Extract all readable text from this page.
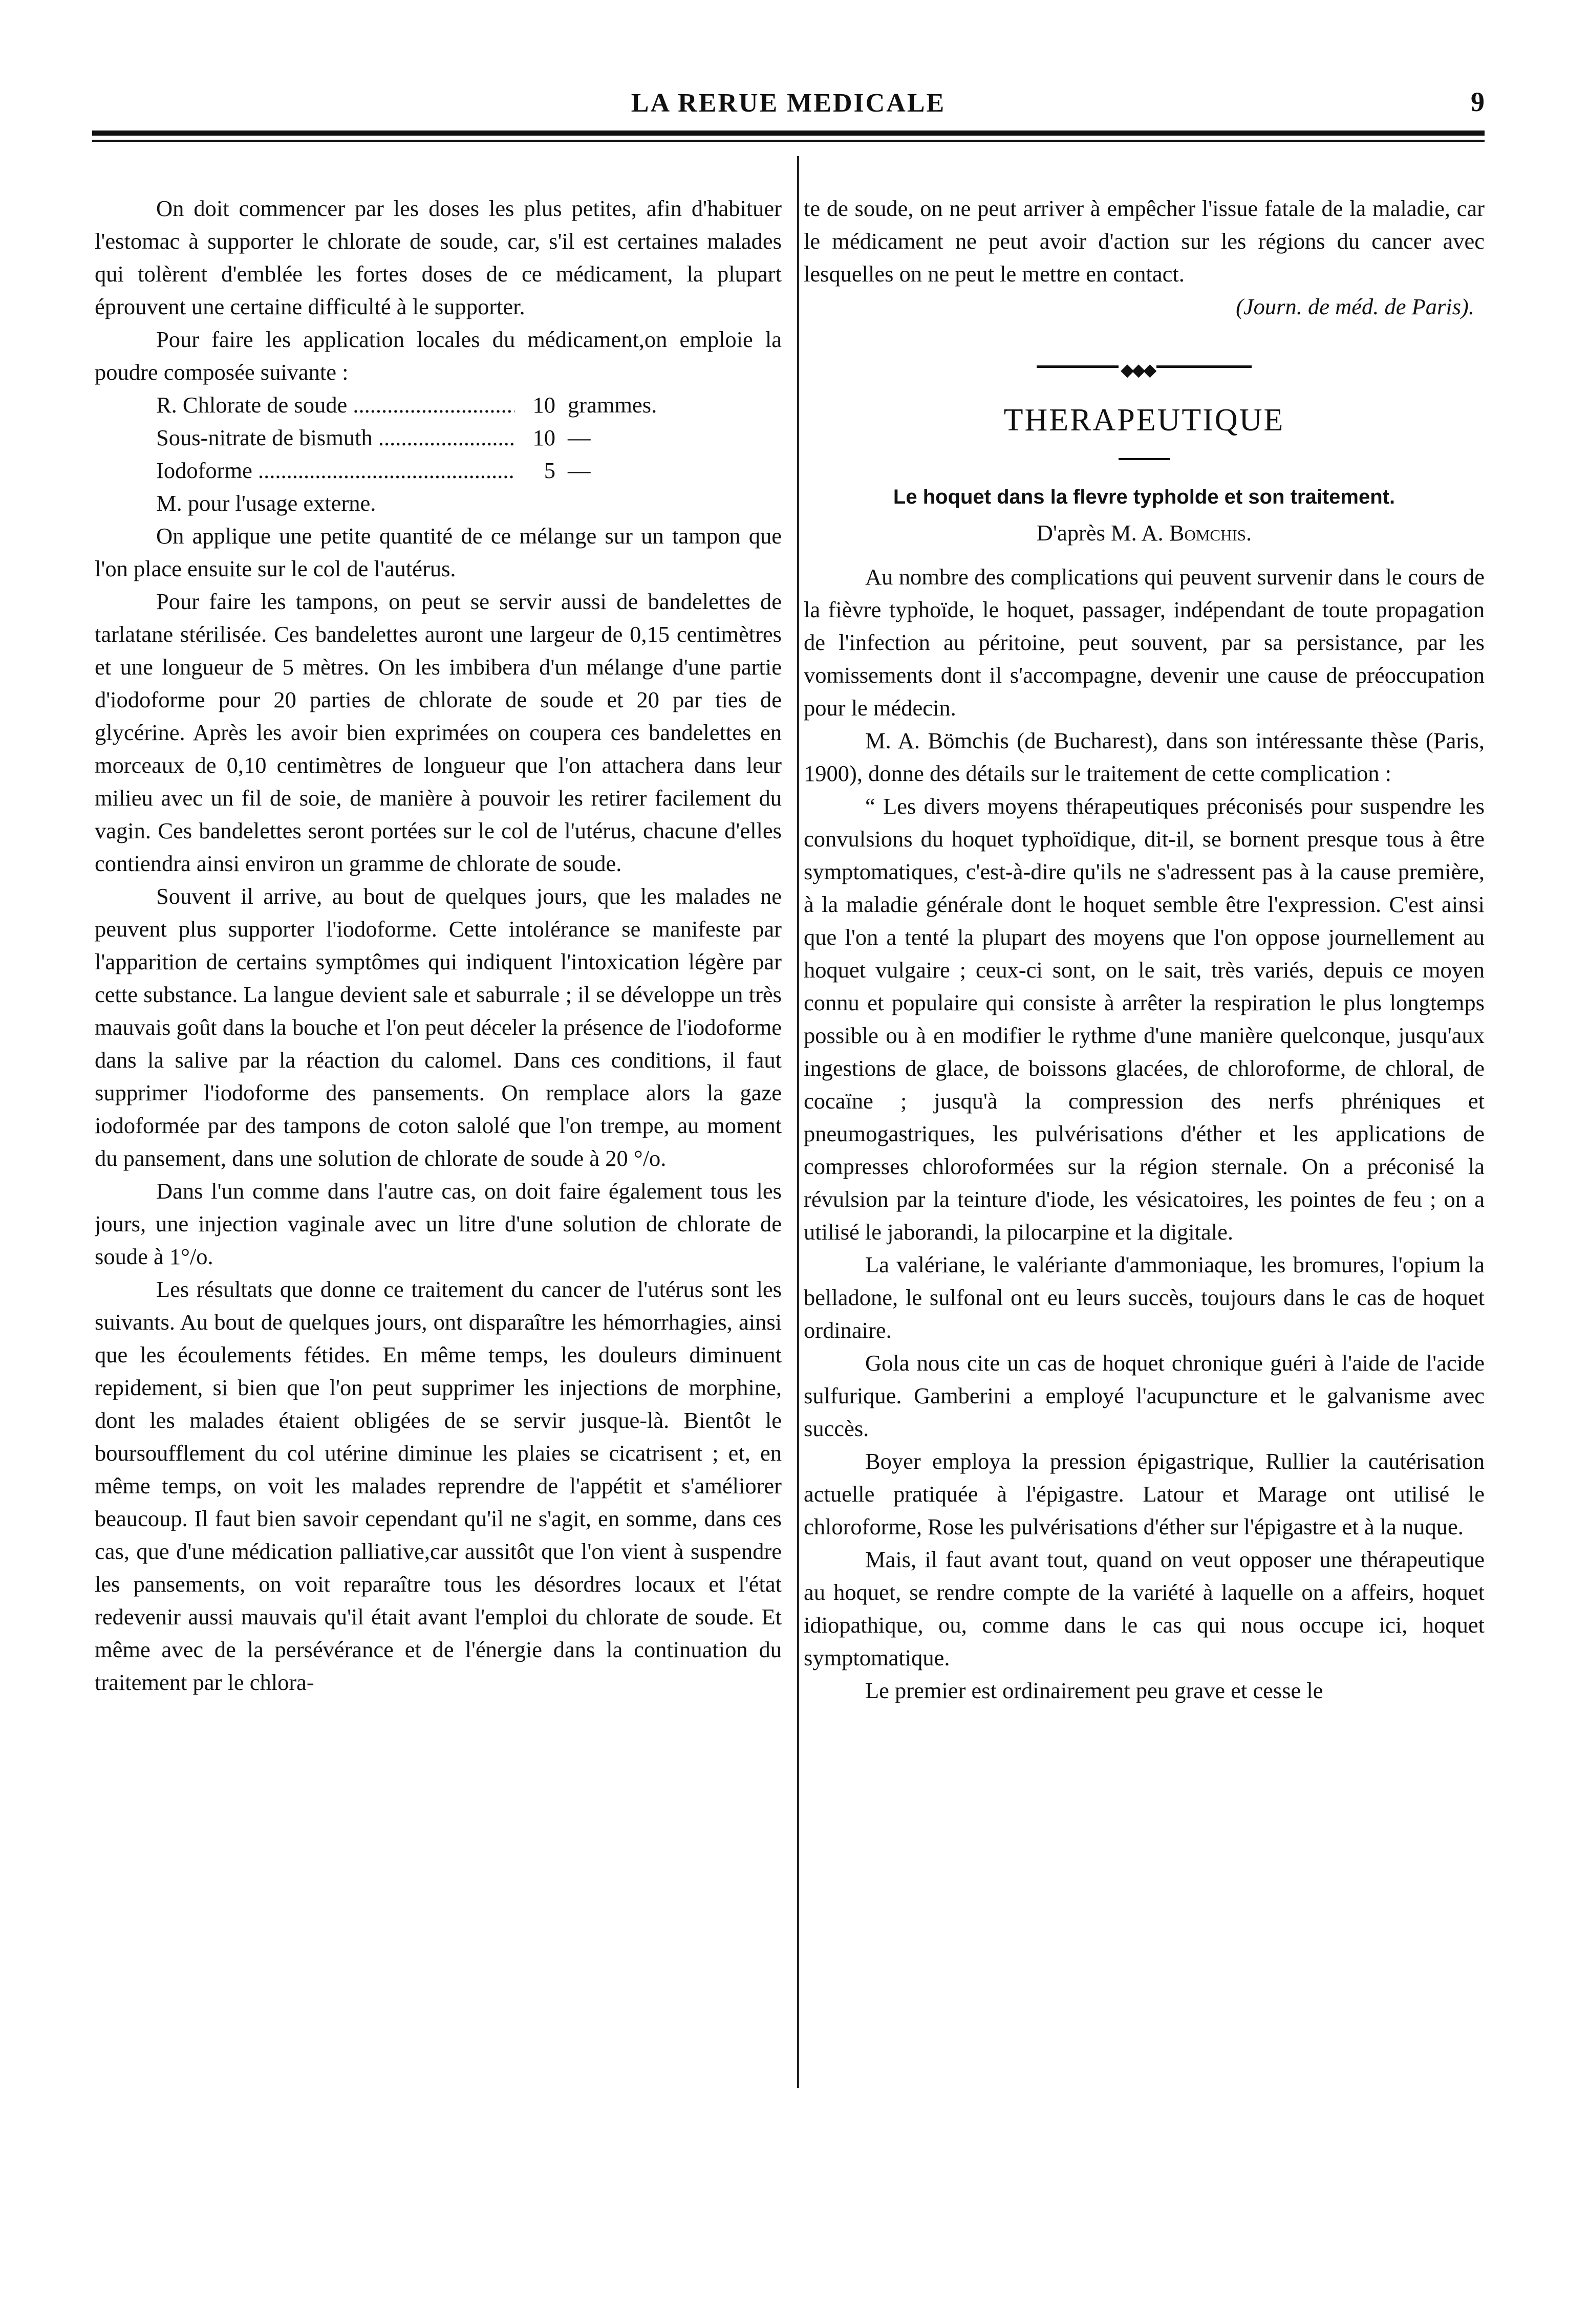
LA RERUE MEDICALE	9

On doit commencer par les doses les plus petites, afin d'habituer l'estomac à supporter le chlorate de soude, car, s'il est certaines malades qui tolèrent d'emblée les fortes doses de ce médicament, la plupart éprouvent une certaine difficulté à le supporter.

Pour faire les application locales du médicament,on emploie la poudre composée suivante :

R. Chlorate de soude .....	10 grammes.
Sous-nitrate de bismuth .....	10 —
Iodoforme .....	5 —

M. pour l'usage externe.

On applique une petite quantité de ce mélange sur un tampon que l'on place ensuite sur le col de l'autérus.

Pour faire les tampons, on peut se servir aussi de bandelettes de tarlatane stérilisée. Ces bandelettes auront une largeur de 0,15 centimètres et une longueur de 5 mètres. On les imbibera d'un mélange d'une partie d'iodoforme pour 20 parties de chlorate de soude et 20 par ties de glycérine. Après les avoir bien exprimées on coupera ces bandelettes en morceaux de 0,10 centimètres de longueur que l'on attachera dans leur milieu avec un fil de soie, de manière à pouvoir les retirer facilement du vagin. Ces bandelettes seront portées sur le col de l'utérus, chacune d'elles contiendra ainsi environ un gramme de chlorate de soude.

Souvent il arrive, au bout de quelques jours, que les malades ne peuvent plus supporter l'iodoforme. Cette intolérance se manifeste par l'apparition de certains symptômes qui indiquent l'intoxication légère par cette substance. La langue devient sale et saburrale ; il se développe un très mauvais goût dans la bouche et l'on peut déceler la présence de l'iodoforme dans la salive par la réaction du calomel. Dans ces conditions, il faut supprimer l'iodoforme des pansements. On remplace alors la gaze iodoformée par des tampons de coton salolé que l'on trempe, au moment du pansement, dans une solution de chlorate de soude à 20 °/o.

Dans l'un comme dans l'autre cas, on doit faire également tous les jours, une injection vaginale avec un litre d'une solution de chlorate de soude à 1°/o.

Les résultats que donne ce traitement du cancer de l'utérus sont les suivants. Au bout de quelques jours, ont disparaître les hémorrhagies, ainsi que les écoulements fétides. En même temps, les douleurs diminuent repidement, si bien que l'on peut supprimer les injections de morphine, dont les malades étaient obligées de se servir jusque-là. Bientôt le boursoufflement du col utérine diminue les plaies se cicatrisent ; et, en même temps, on voit les malades reprendre de l'appétit et s'améliorer beaucoup. Il faut bien savoir cependant qu'il ne s'agit, en somme, dans ces cas, que d'une médication palliative,car aussitôt que l'on vient à suspendre les pansements, on voit reparaître tous les désordres locaux et l'état redevenir aussi mauvais qu'il était avant l'emploi du chlorate de soude. Et même avec de la persévérance et de l'énergie dans la continuation du traitement par le chlora-

te de soude, on ne peut arriver à empêcher l'issue fatale de la maladie, car le médicament ne peut avoir d'action sur les régions du cancer avec lesquelles on ne peut le mettre en contact.

(Journ. de méd. de Paris).
◆◆◆
THERAPEUTIQUE
Le hoquet dans la flevre typholde et son traitement.
D'après M. A. Bomchis.

Au nombre des complications qui peuvent survenir dans le cours de la fièvre typhoïde, le hoquet, passager, indépendant de toute propagation de l'infection au péritoine, peut souvent, par sa persistance, par les vomissements dont il s'accompagne, devenir une cause de préoccupation pour le médecin.

M. A. Bömchis (de Bucharest), dans son intéressante thèse (Paris, 1900), donne des détails sur le traitement de cette complication :

“ Les divers moyens thérapeutiques préconisés pour suspendre les convulsions du hoquet typhoïdique, dit-il, se bornent presque tous à être symptomatiques, c'est-à-dire qu'ils ne s'adressent pas à la cause première, à la maladie générale dont le hoquet semble être l'expression. C'est ainsi que l'on a tenté la plupart des moyens que l'on oppose journellement au hoquet vulgaire ; ceux-ci sont, on le sait, très variés, depuis ce moyen connu et populaire qui consiste à arrêter la respiration le plus longtemps possible ou à en modifier le rythme d'une manière quelconque, jusqu'aux ingestions de glace, de boissons glacées, de chloroforme, de chloral, de cocaïne ; jusqu'à la compression des nerfs phréniques et pneumogastriques, les pulvérisations d'éther et les applications de compresses chloroformées sur la région sternale. On a préconisé la révulsion par la teinture d'iode, les vésicatoires, les pointes de feu ; on a utilisé le jaborandi, la pilocarpine et la digitale.

La valériane, le valériante d'ammoniaque, les bromures, l'opium la belladone, le sulfonal ont eu leurs succès, toujours dans le cas de hoquet ordinaire.

Gola nous cite un cas de hoquet chronique guéri à l'aide de l'acide sulfurique. Gamberini a employé l'acupuncture et le galvanisme avec succès.

Boyer employa la pression épigastrique, Rullier la cautérisation actuelle pratiquée à l'épigastre. Latour et Marage ont utilisé le chloroforme, Rose les pulvérisations d'éther sur l'épigastre et à la nuque.

Mais, il faut avant tout, quand on veut opposer une thérapeutique au hoquet, se rendre compte de la variété à laquelle on a affeirs, hoquet idiopathique, ou, comme dans le cas qui nous occupe ici, hoquet symptomatique.

Le premier est ordinairement peu grave et cesse le
